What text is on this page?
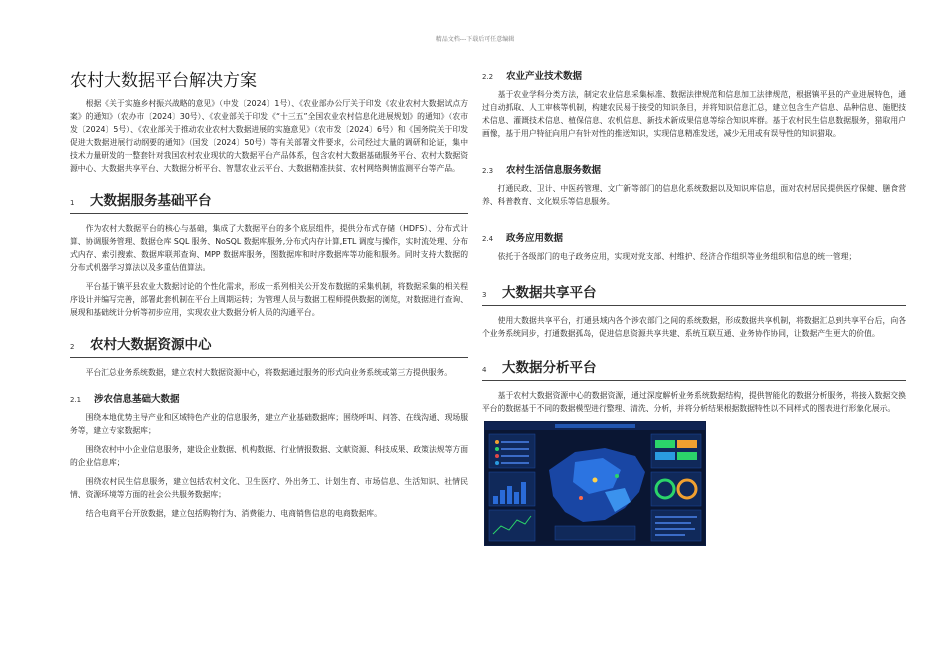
精品文档---下载后可任意编辑
农村大数据平台解决方案

根据《关于实施乡村振兴战略的意见》（中发〔2024〕1号）、《农业部办公厅关于印发《农业农村大数据试点方案》的通知》（农办市〔2024〕30号）、《农业部关于印发《“十三五”全国农业农村信息化进展规划》的通知》（农市发〔2024〕5号）、《农业部关于推动农业农村大数据进展的实施意见》（农市发〔2024〕6号）和《国务院关于印发促进大数据进展行动纲要的通知》（国发〔2024〕50号）等有关部署文件要求，公司经过大量的调研和论证，集中技术力量研发的一整套针对我国农村农业现状的大数据平台产品体系，包含农村大数据基础服务平台、农村大数据资源中心、大数据共享平台、大数据分析平台、智慧农业云平台、大数据精准扶贫、农村网络舆情监测平台等产品。

1	大数据服务基础平台

作为农村大数据平台的核心与基础，集成了大数据平台的多个底层组件，提供分布式存储（HDFS）、分布式计算、协调服务管理、数据仓库 SQL 服务、NoSQL 数据库服务,分布式内存计算,ETL 调度与操作，实时流处理、分布式内存、索引搜索、数据库联邦查询、MPP 数据库服务，图数据库和时序数据库等功能和服务。同时支持大数据的分布式机器学习算法以及多重估值算法。

平台基于镇平县农业大数据讨论的个性化需求，形成一系列相关公开发布数据的采集机制，将数据采集的相关程序设计并编写完善，部署此套机制在平台上周期运转；为管理人员与数据工程师提供数据的浏览，对数据进行查询、展现和基础统计分析等初步应用，实现农业大数据分析人员的沟通平台。

2	农村大数据资源中心

平台汇总业务系统数据，建立农村大数据资源中心，将数据通过服务的形式向业务系统或第三方提供服务。

2.1	涉农信息基础大数据

围绕本地优势主导产业和区域特色产业的信息服务，建立产业基础数据库；围绕呼叫、问答、在线沟通、现场服务等，建立专家数据库；

围绕农村中小企业信息服务，建设企业数据、机构数据、行业情报数据、文献资源、科技成果、政策法规等方面的企业信息库；

围绕农村民生信息服务，建立包括农村文化、卫生医疗、外出务工、计划生育、市场信息、生活知识、社情民情、资源环境等方面的社会公共服务数据库；

结合电商平台开放数据，建立包括购物行为、消费能力、电商销售信息的电商数据库。

2.2	农业产业技术数据

基于农业学科分类方法，制定农业信息采集标准、数据法律规范和信息加工法律规范，根据镇平县的产业进展特色，通过自动抓取、人工审核等机制，构建农民易于接受的知识条目，并将知识信息汇总，建立包含生产信息、品种信息、施肥技术信息、灌溉技术信息、植保信息、农机信息、新技术新成果信息等综合知识库群。基于农村民生信息数据服务，猎取用户画像，基于用户特征向用户有针对性的推送知识，实现信息精准发送，减少无用或有误导性的知识猎取。

2.3	农村生活信息服务数据

打通民政、卫计、中医药管理、文广新等部门的信息化系统数据以及知识库信息，面对农村居民提供医疗保健、膳食营养、科普教育、文化娱乐等信息服务。

2.4	政务应用数据

依托于各级部门的电子政务应用，实现对党支部、村维护、经济合作组织等业务组织和信息的统一管理；

3	大数据共享平台

使用大数据共享平台，打通县域内各个涉农部门之间的系统数据，形成数据共享机制，将数据汇总到共享平台后，向各个业务系统同步，打通数据孤岛，促进信息资源共享共建、系统互联互通、业务协作协同，让数据产生更大的价值。

4	大数据分析平台

基于农村大数据资源中心的数据资源，通过深度解析业务系统数据结构，提供智能化的数据分析服务，将接入数据交换平台的数据基于不同的数据模型进行整理、清洗、分析，并将分析结果根据数据特性以不同样式的图表进行形象化展示。
